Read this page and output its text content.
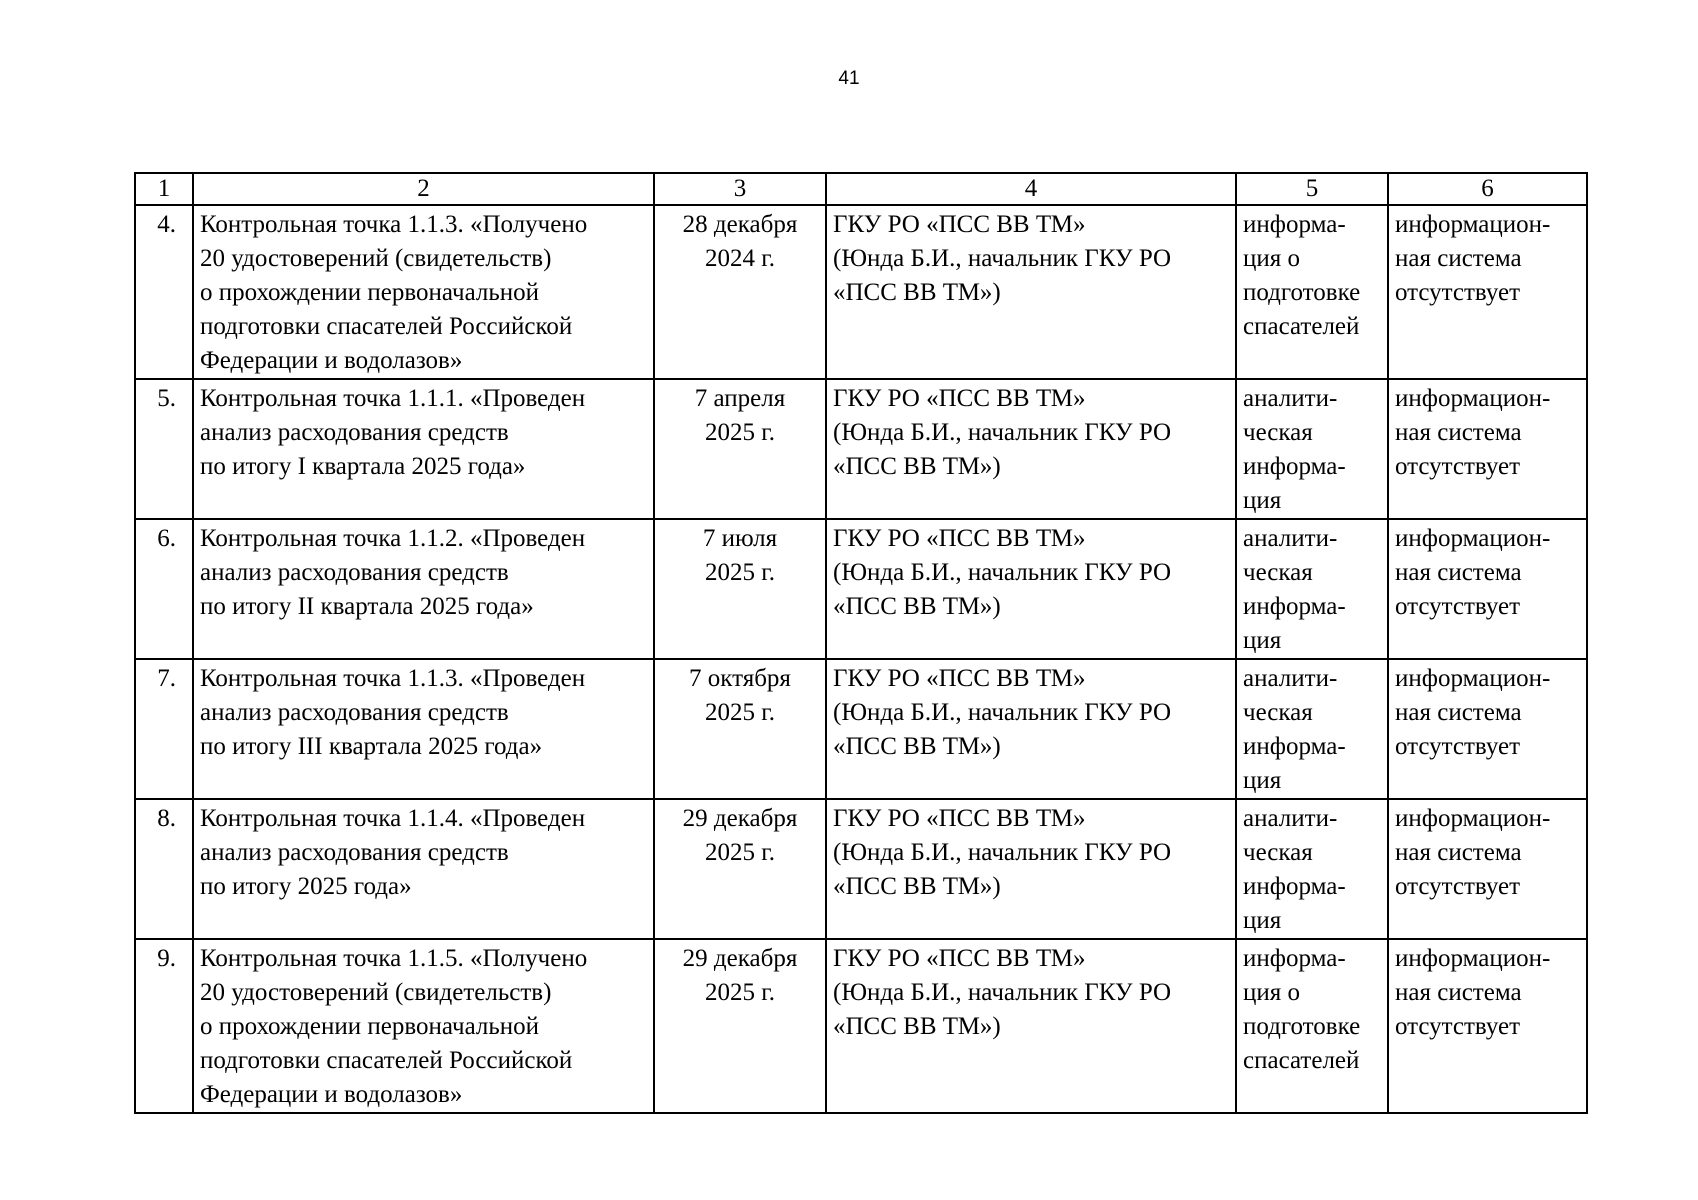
41
1	2	3	4	5	6
4.	Контрольная точка 1.1.3. «Получено
20 удостоверений (свидетельств)
о прохождении первоначальной
подготовки спасателей Российской
Федерации и водолазов»	28 декабря
2024 г.	ГКУ РО «ПСС ВВ ТМ»
(Юнда Б.И., начальник ГКУ РО
«ПСС ВВ ТМ»)	информа-
ция о
подготовке
спасателей	информацион-
ная система
отсутствует

5.	Контрольная точка 1.1.1. «Проведен
анализ расходования средств
по итогу I квартала 2025 года»	7 апреля
2025 г.	ГКУ РО «ПСС ВВ ТМ»
(Юнда Б.И., начальник ГКУ РО
«ПСС ВВ ТМ»)	аналити-
ческая
информа-
ция	информацион-
ная система
отсутствует

6.	Контрольная точка 1.1.2. «Проведен
анализ расходования средств
по итогу II квартала 2025 года»	7 июля
2025 г.	ГКУ РО «ПСС ВВ ТМ»
(Юнда Б.И., начальник ГКУ РО
«ПСС ВВ ТМ»)	аналити-
ческая
информа-
ция	информацион-
ная система
отсутствует

7.	Контрольная точка 1.1.3. «Проведен
анализ расходования средств
по итогу III квартала 2025 года»	7 октября
2025 г.	ГКУ РО «ПСС ВВ ТМ»
(Юнда Б.И., начальник ГКУ РО
«ПСС ВВ ТМ»)	аналити-
ческая
информа-
ция	информацион-
ная система
отсутствует

8.	Контрольная точка 1.1.4. «Проведен
анализ расходования средств
по итогу 2025 года»	29 декабря
2025 г.	ГКУ РО «ПСС ВВ ТМ»
(Юнда Б.И., начальник ГКУ РО
«ПСС ВВ ТМ»)	аналити-
ческая
информа-
ция	информацион-
ная система
отсутствует

9.	Контрольная точка 1.1.5. «Получено
20 удостоверений (свидетельств)
о прохождении первоначальной
подготовки спасателей Российской
Федерации и водолазов»	29 декабря
2025 г.	ГКУ РО «ПСС ВВ ТМ»
(Юнда Б.И., начальник ГКУ РО
«ПСС ВВ ТМ»)	информа-
ция о
подготовке
спасателей	информацион-
ная система
отсутствует
